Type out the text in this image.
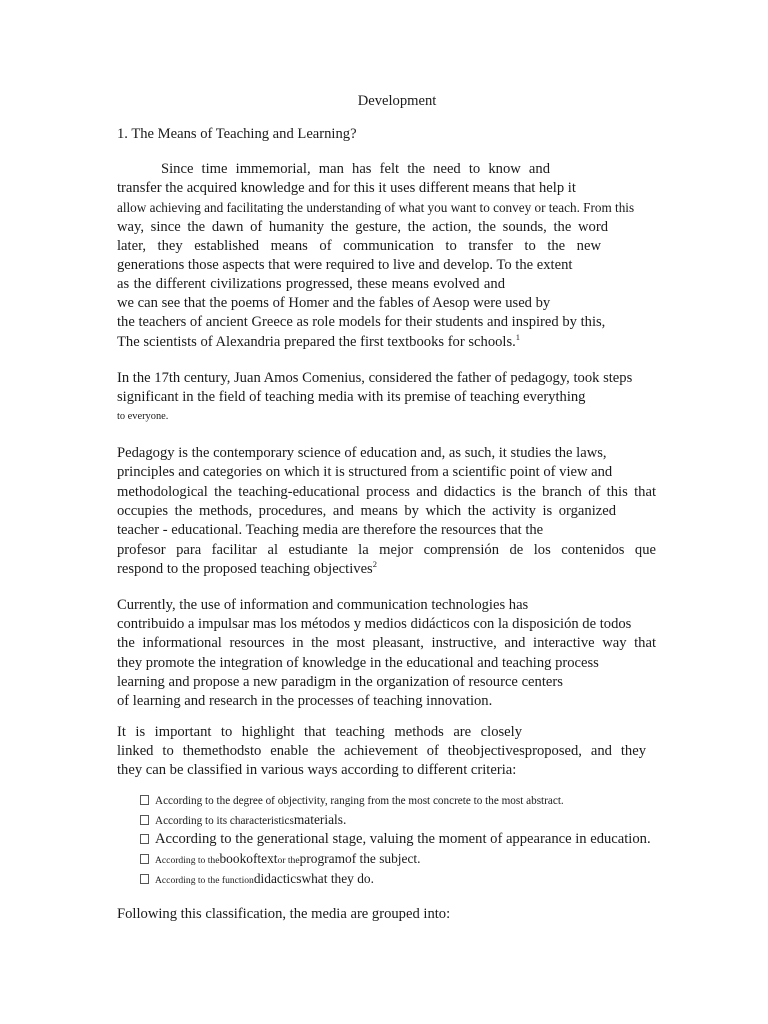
Development
1. The Means of Teaching and Learning?
Since time immemorial, man has felt the need to know and
transfer the acquired knowledge and for this it uses different means that help it
allow achieving and facilitating the understanding of what you want to convey or teach. From this
way, since the dawn of humanity the gesture, the action, the sounds, the word
later, they established means of communication to transfer to the new
generations those aspects that were required to live and develop. To the extent
as the different civilizations progressed, these means evolved and
we can see that the poems of Homer and the fables of Aesop were used by
the teachers of ancient Greece as role models for their students and inspired by this,
The scientists of Alexandria prepared the first textbooks for schools.$^1$
In the 17th century, Juan Amos Comenius, considered the father of pedagogy, took steps
significant in the field of teaching media with its premise of teaching everything
to everyone.
Pedagogy is the contemporary science of education and, as such, it studies the laws,
principles and categories on which it is structured from a scientific point of view and
methodological the teaching-educational process and didactics is the branch of this that
occupies the methods, procedures, and means by which the activity is organized
teacher - educational. Teaching media are therefore the resources that the
profesor para facilitar al estudiante la mejor comprensión de los contenidos que
respond to the proposed teaching objectives$^2$
Currently, the use of information and communication technologies has
contribuido a impulsar mas los métodos y medios didácticos con la disposición de todos
the informational resources in the most pleasant, instructive, and interactive way that
they promote the integration of knowledge in the educational and teaching process
learning and propose a new paradigm in the organization of resource centers
of learning and research in the processes of teaching innovation.
It is important to highlight that teaching methods are closely
linked to themethodsto enable the achievement of theobjectivesproposed, and they
they can be classified in various ways according to different criteria:
According to the degree of objectivity, ranging from the most concrete to the most abstract.
According to its characteristicsmaterials.
According to the generational stage, valuing the moment of appearance in education.
According to thebookoftextor theprogramof the subject.
According to the functiondidacticswhat they do.
Following this classification, the media are grouped into:
